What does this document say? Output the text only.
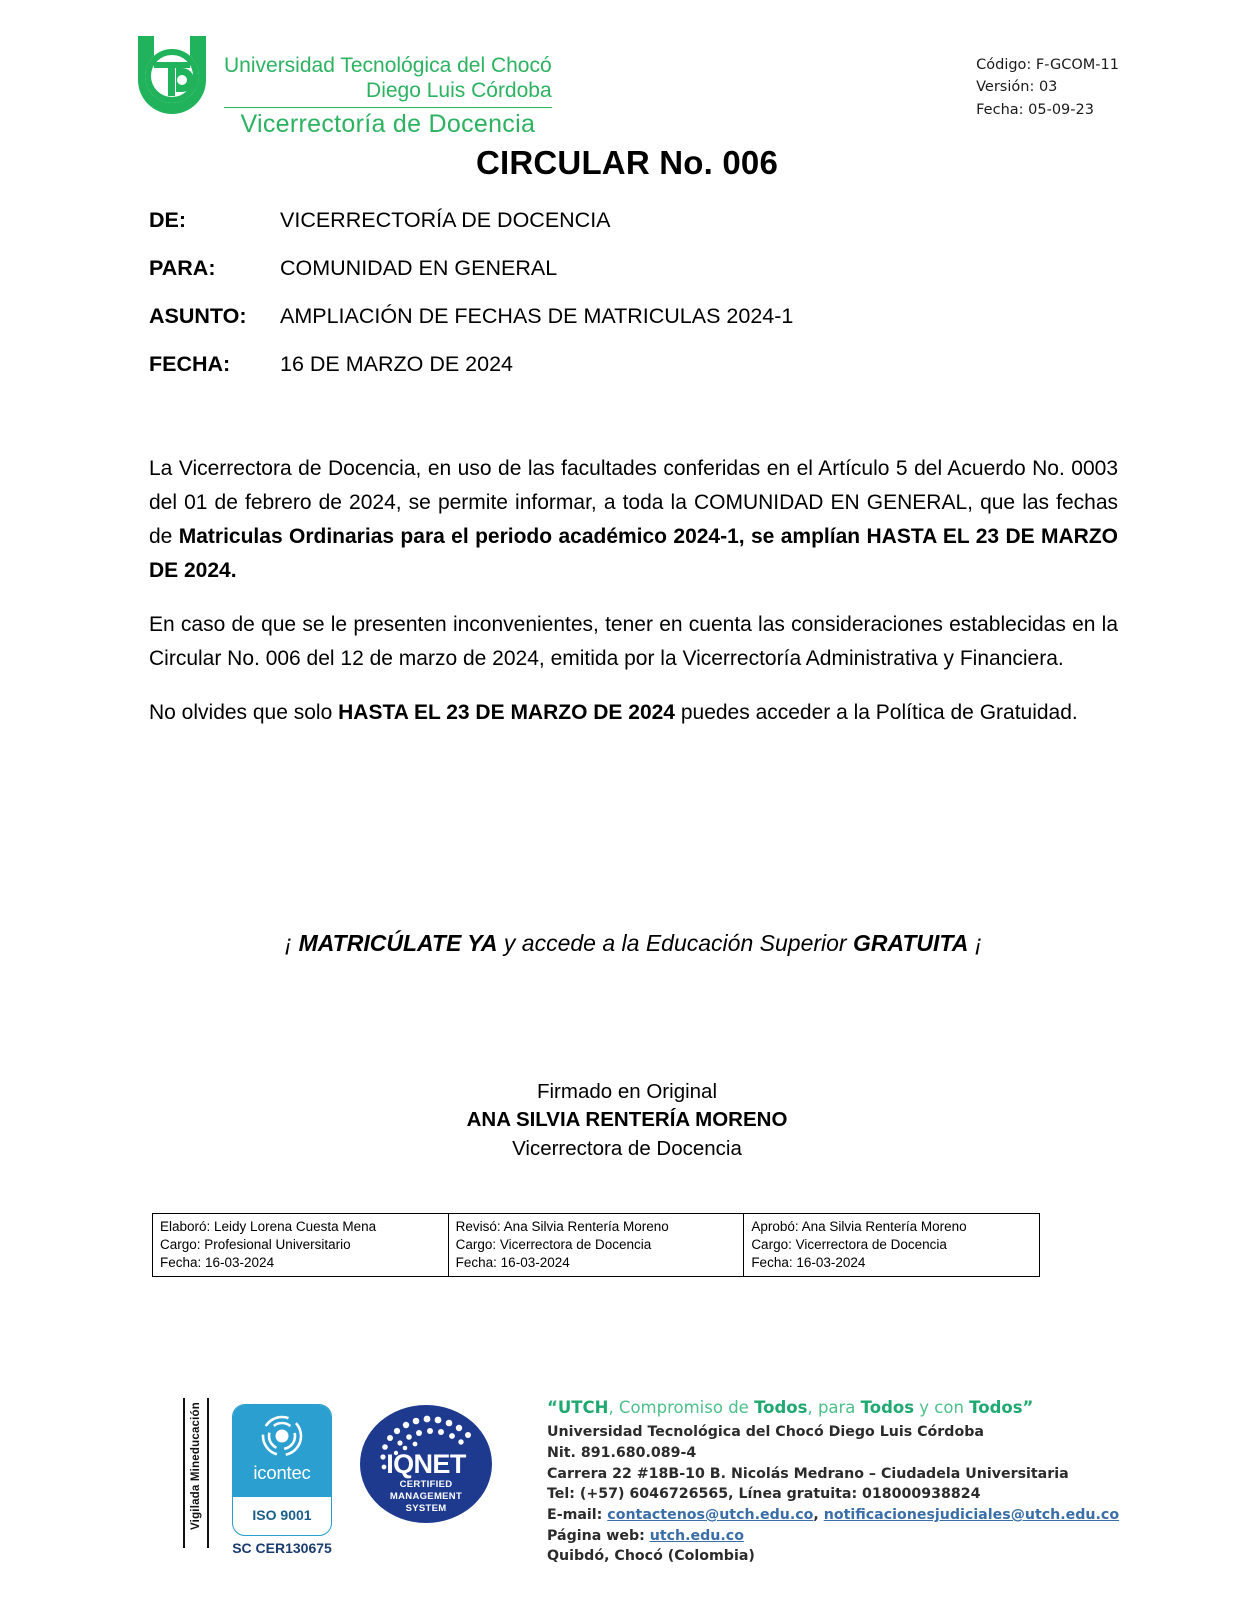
Universidad Tecnológica del Chocó
Diego Luis Córdoba
Vicerrectoría de Docencia
Código: F-GCOM-11
Versión: 03
Fecha: 05-09-23
CIRCULAR No. 006
DE:	VICERRECTORÍA DE DOCENCIA
PARA:	COMUNIDAD EN GENERAL
ASUNTO:	AMPLIACIÓN DE FECHAS DE MATRICULAS 2024-1
FECHA:	16 DE MARZO DE 2024

La Vicerrectora de Docencia, en uso de las facultades conferidas en el Artículo 5 del Acuerdo No. 0003 del 01 de febrero de 2024, se permite informar, a toda la COMUNIDAD EN GENERAL, que las fechas de Matriculas Ordinarias para el periodo académico 2024-1, se amplían HASTA EL 23 DE MARZO DE 2024.

En caso de que se le presenten inconvenientes, tener en cuenta las consideraciones establecidas en la Circular No. 006 del 12 de marzo de 2024, emitida por la Vicerrectoría Administrativa y Financiera.

No olvides que solo HASTA EL 23 DE MARZO DE 2024 puedes acceder a la Política de Gratuidad.

¡ MATRICÚLATE YA y accede a la Educación Superior GRATUITA ¡
Firmado en Original
ANA SILVIA RENTERÍA MORENO
Vicerrectora de Docencia
Elaboró: Leidy Lorena Cuesta Mena
Cargo: Profesional Universitario
Fecha: 16-03-2024

Revisó: Ana Silvia Rentería Moreno
Cargo: Vicerrectora de Docencia
Fecha: 16-03-2024

Aprobó: Ana Silvia Rentería Moreno
Cargo: Vicerrectora de Docencia
Fecha: 16-03-2024
Vigilada Mineducación	icontec
ISO 9001
SC CER130675
IQNET
CERTIFIED
MANAGEMENT
SYSTEM
“UTCH, Compromiso de Todos, para Todos y con Todos”
Universidad Tecnológica del Chocó Diego Luis Córdoba
Nit. 891.680.089-4
Carrera 22 #18B-10 B. Nicolás Medrano – Ciudadela Universitaria
Tel: (+57) 6046726565, Línea gratuita: 018000938824
E-mail: contactenos@utch.edu.co, notificacionesjudiciales@utch.edu.co
Página web: utch.edu.co
Quibdó, Chocó (Colombia)
